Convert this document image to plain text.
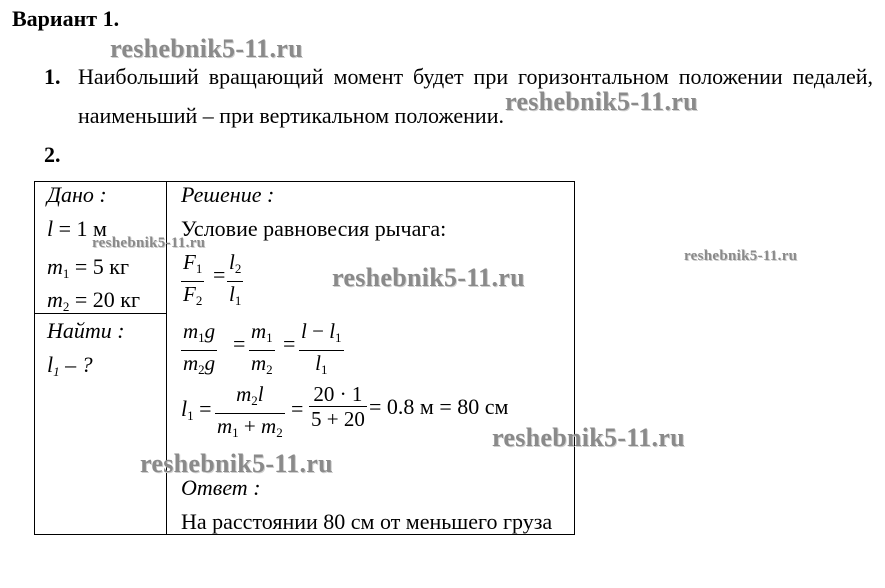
Вариант 1.
1. Наибольший вращающий момент будет при горизонтальном положении педалей,
наименьший – при вертикальном положении.
2.
Дано :
l = 1 м
$m_1 = 5$ кг
$m_2 = 20$ кг
Найти :
$l_1$ – ?
Решение :
Условие равновесия рычага:
$F_1$
$F_2$
= $l_2$
$l_1$
$m_1g$
$m_2g$
= $m_1$
$m_2$
= $l - l_1$
$l_1$
$l_1$ =
$m_2l$
$m_1 + m_2$
=
20 · 1
5 + 20 = 0.8 м = 80 см
Ответ :
На расстоянии 80 см от меньшего груза
reshebnik5-11.ru
reshebnik5-11.ru
reshebnik5-11.ru
reshebnik5-11.ru
reshebnik5-11.ru
reshebnik5-11.ru
reshebnik5-11.ru
